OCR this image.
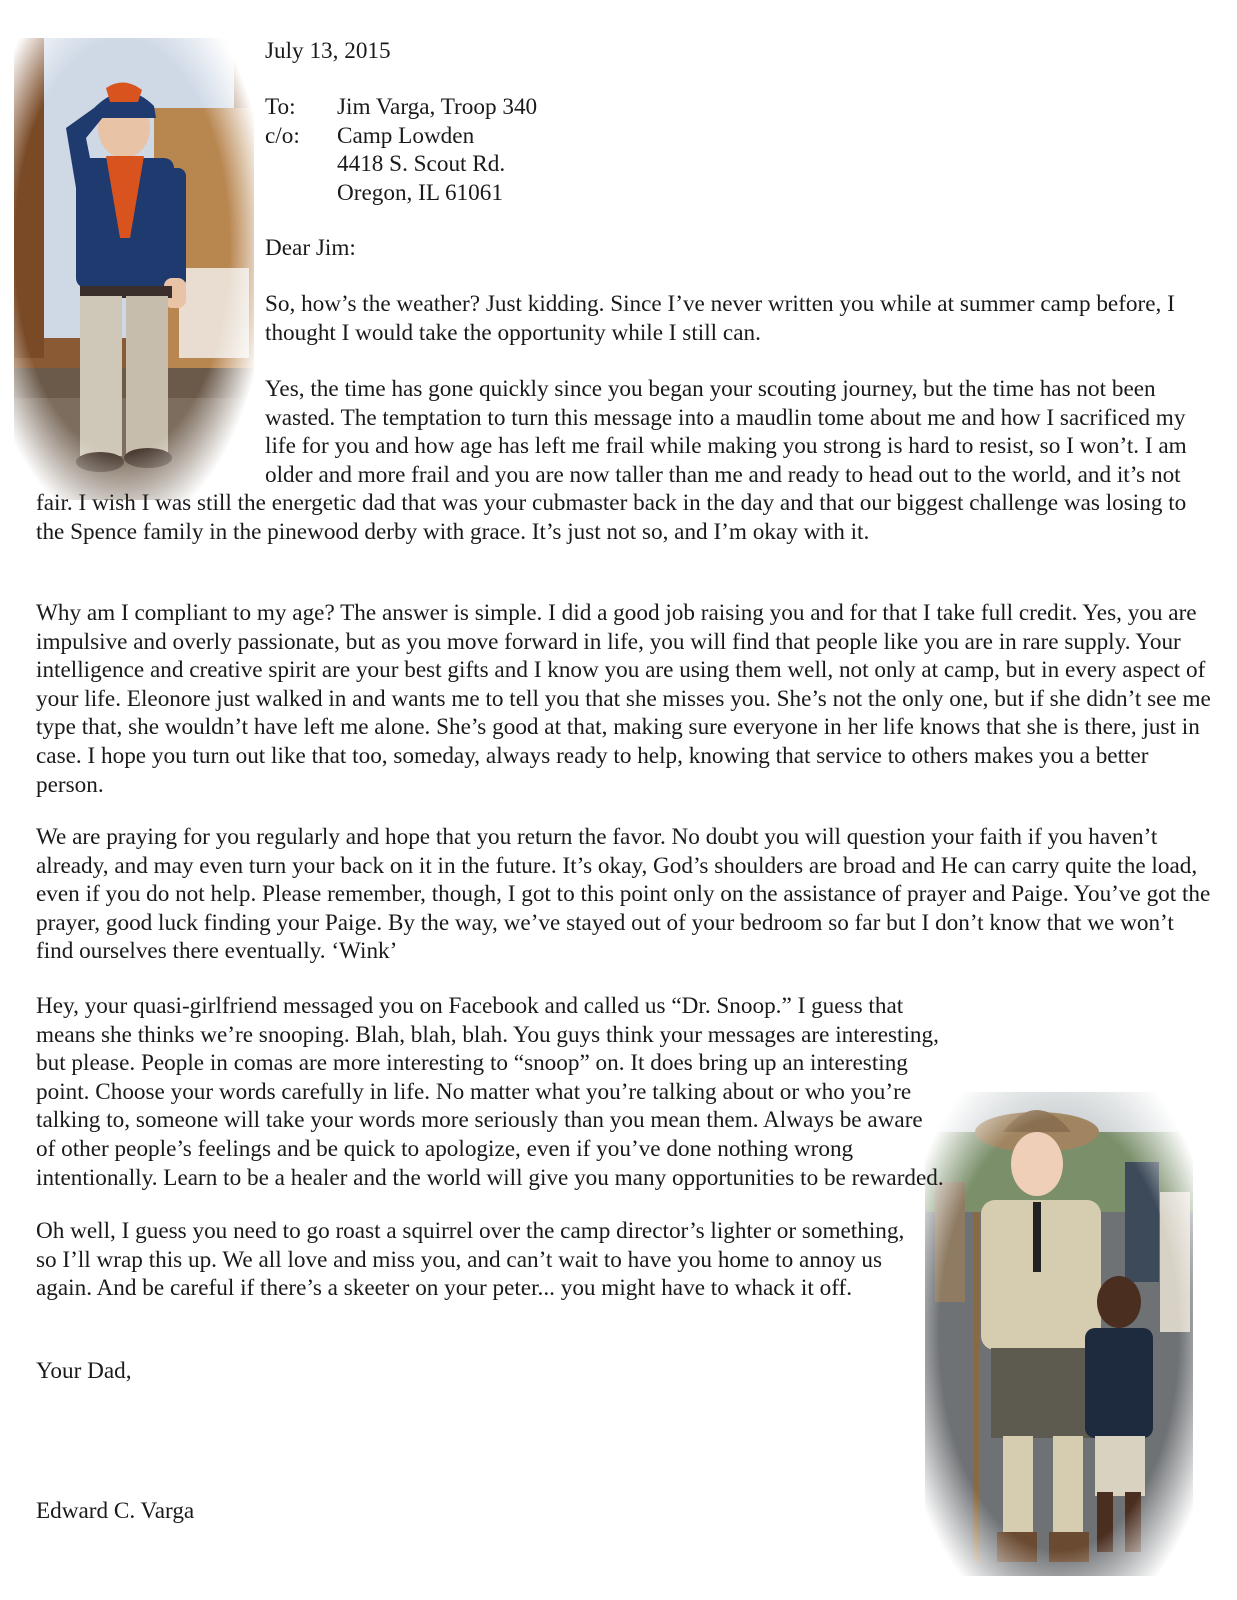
July 13, 2015
To:	Jim Varga, Troop 340
c/o:	Camp Lowden
4418 S. Scout Rd.
Oregon, IL 61061
Dear Jim:
So, how’s the weather? Just kidding. Since I’ve never written you while at summer camp before, I thought I would take the opportunity while I still can.
Yes, the time has gone quickly since you began your scouting journey, but the time has not been wasted. The temptation to turn this message into a maudlin tome about me and how I sacrificed my life for you and how age has left me frail while making you strong is hard to resist, so I won’t. I am older and more frail and you are now taller than me and ready to head out to the world, and it’s not fair. I wish I was still the energetic dad that was your cubmaster back in the day and that our biggest challenge was losing to the Spence family in the pinewood derby with grace. It’s just not so, and I’m okay with it.
Why am I compliant to my age? The answer is simple. I did a good job raising you and for that I take full credit. Yes, you are impulsive and overly passionate, but as you move forward in life, you will find that people like you are in rare supply. Your intelligence and creative spirit are your best gifts and I know you are using them well, not only at camp, but in every aspect of your life. Eleonore just walked in and wants me to tell you that she misses you. She’s not the only one, but if she didn’t see me type that, she wouldn’t have left me alone. She’s good at that, making sure everyone in her life knows that she is there, just in case. I hope you turn out like that too, someday, always ready to help, knowing that service to others makes you a better person.
We are praying for you regularly and hope that you return the favor. No doubt you will question your faith if you haven’t already, and may even turn your back on it in the future. It’s okay, God’s shoulders are broad and He can carry quite the load, even if you do not help. Please remember, though, I got to this point only on the assistance of prayer and Paige. You’ve got the prayer, good luck finding your Paige. By the way, we’ve stayed out of your bedroom so far but I don’t know that we won’t find ourselves there eventually. ‘Wink’
Hey, your quasi-girlfriend messaged you on Facebook and called us “Dr. Snoop.” I guess that means she thinks we’re snooping. Blah, blah, blah. You guys think your messages are interesting, but please. People in comas are more interesting to “snoop” on. It does bring up an interesting point. Choose your words carefully in life. No matter what you’re talking about or who you’re talking to, someone will take your words more seriously than you mean them. Always be aware of other people’s feelings and be quick to apologize, even if you’ve done nothing wrong intentionally. Learn to be a healer and the world will give you many opportunities to be rewarded.
Oh well, I guess you need to go roast a squirrel over the camp director’s lighter or something, so I’ll wrap this up. We all love and miss you, and can’t wait to have you home to annoy us again. And be careful if there’s a skeeter on your peter... you might have to whack it off.
Your Dad,
Edward C. Varga
